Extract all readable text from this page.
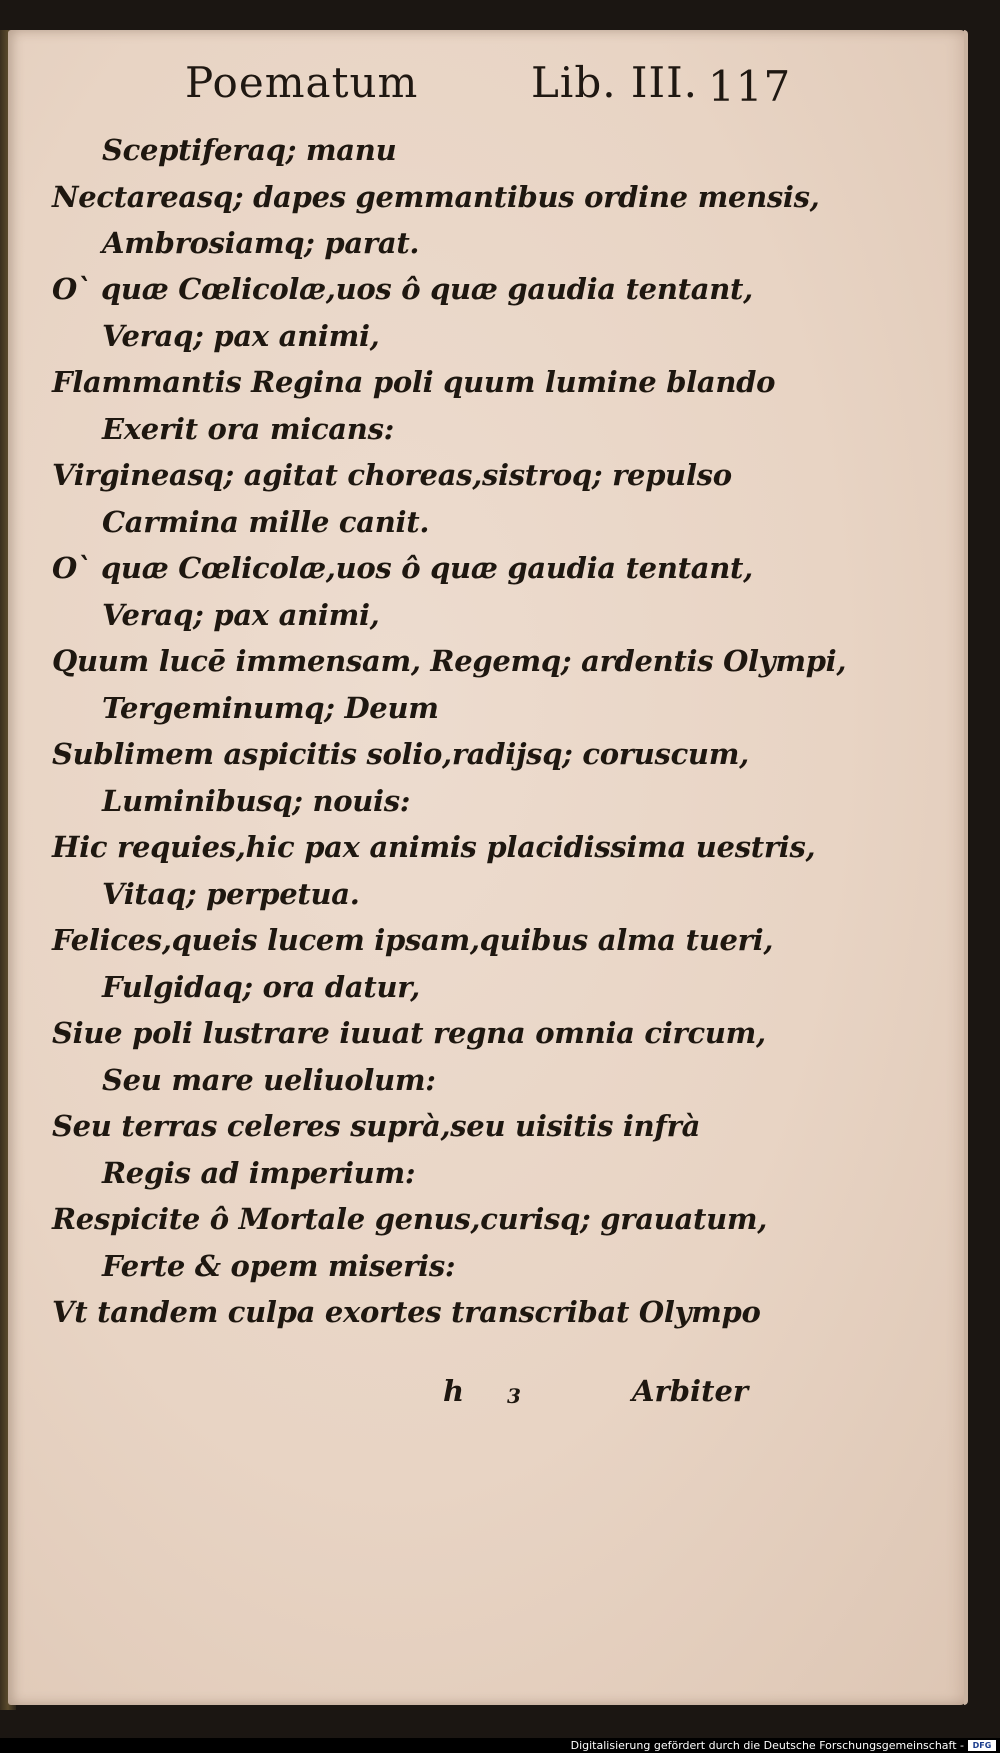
Poematum	Lib. III. 117
Sceptiferaq; manu
Nectareasq; dapes gemmantibus ordine mensis,
Ambrosiamq; parat.
O` quæ Cœlicolæ,uos ô quæ gaudia tentant,
Veraq; pax animi,
Flammantis Regina poli quum lumine blando
Exerit ora micans:
Virgineasq; agitat choreas,sistroq; repulso
Carmina mille canit.
O` quæ Cœlicolæ,uos ô quæ gaudia tentant,
Veraq; pax animi,
Quum lucē immensam, Regemq; ardentis Olympi,
Tergeminumq; Deum
Sublimem aspicitis solio,radijsq; coruscum,
Luminibusq; nouis:
Hic requies,hic pax animis placidissima uestris,
Vitaq; perpetua.
Felices,queis lucem ipsam,quibus alma tueri,
Fulgidaq; ora datur,
Siue poli lustrare iuuat regna omnia circum,
Seu mare ueliuolum:
Seu terras celeres suprà,seu uisitis infrà
Regis ad imperium:
Respicite ô Mortale genus,curisq; grauatum,
Ferte & opem miseris:
Vt tandem culpa exortes transcribat Olympo
h 3	Arbiter
Digitalisierung gefördert durch die Deutsche Forschungsgemeinschaft -	DFG
